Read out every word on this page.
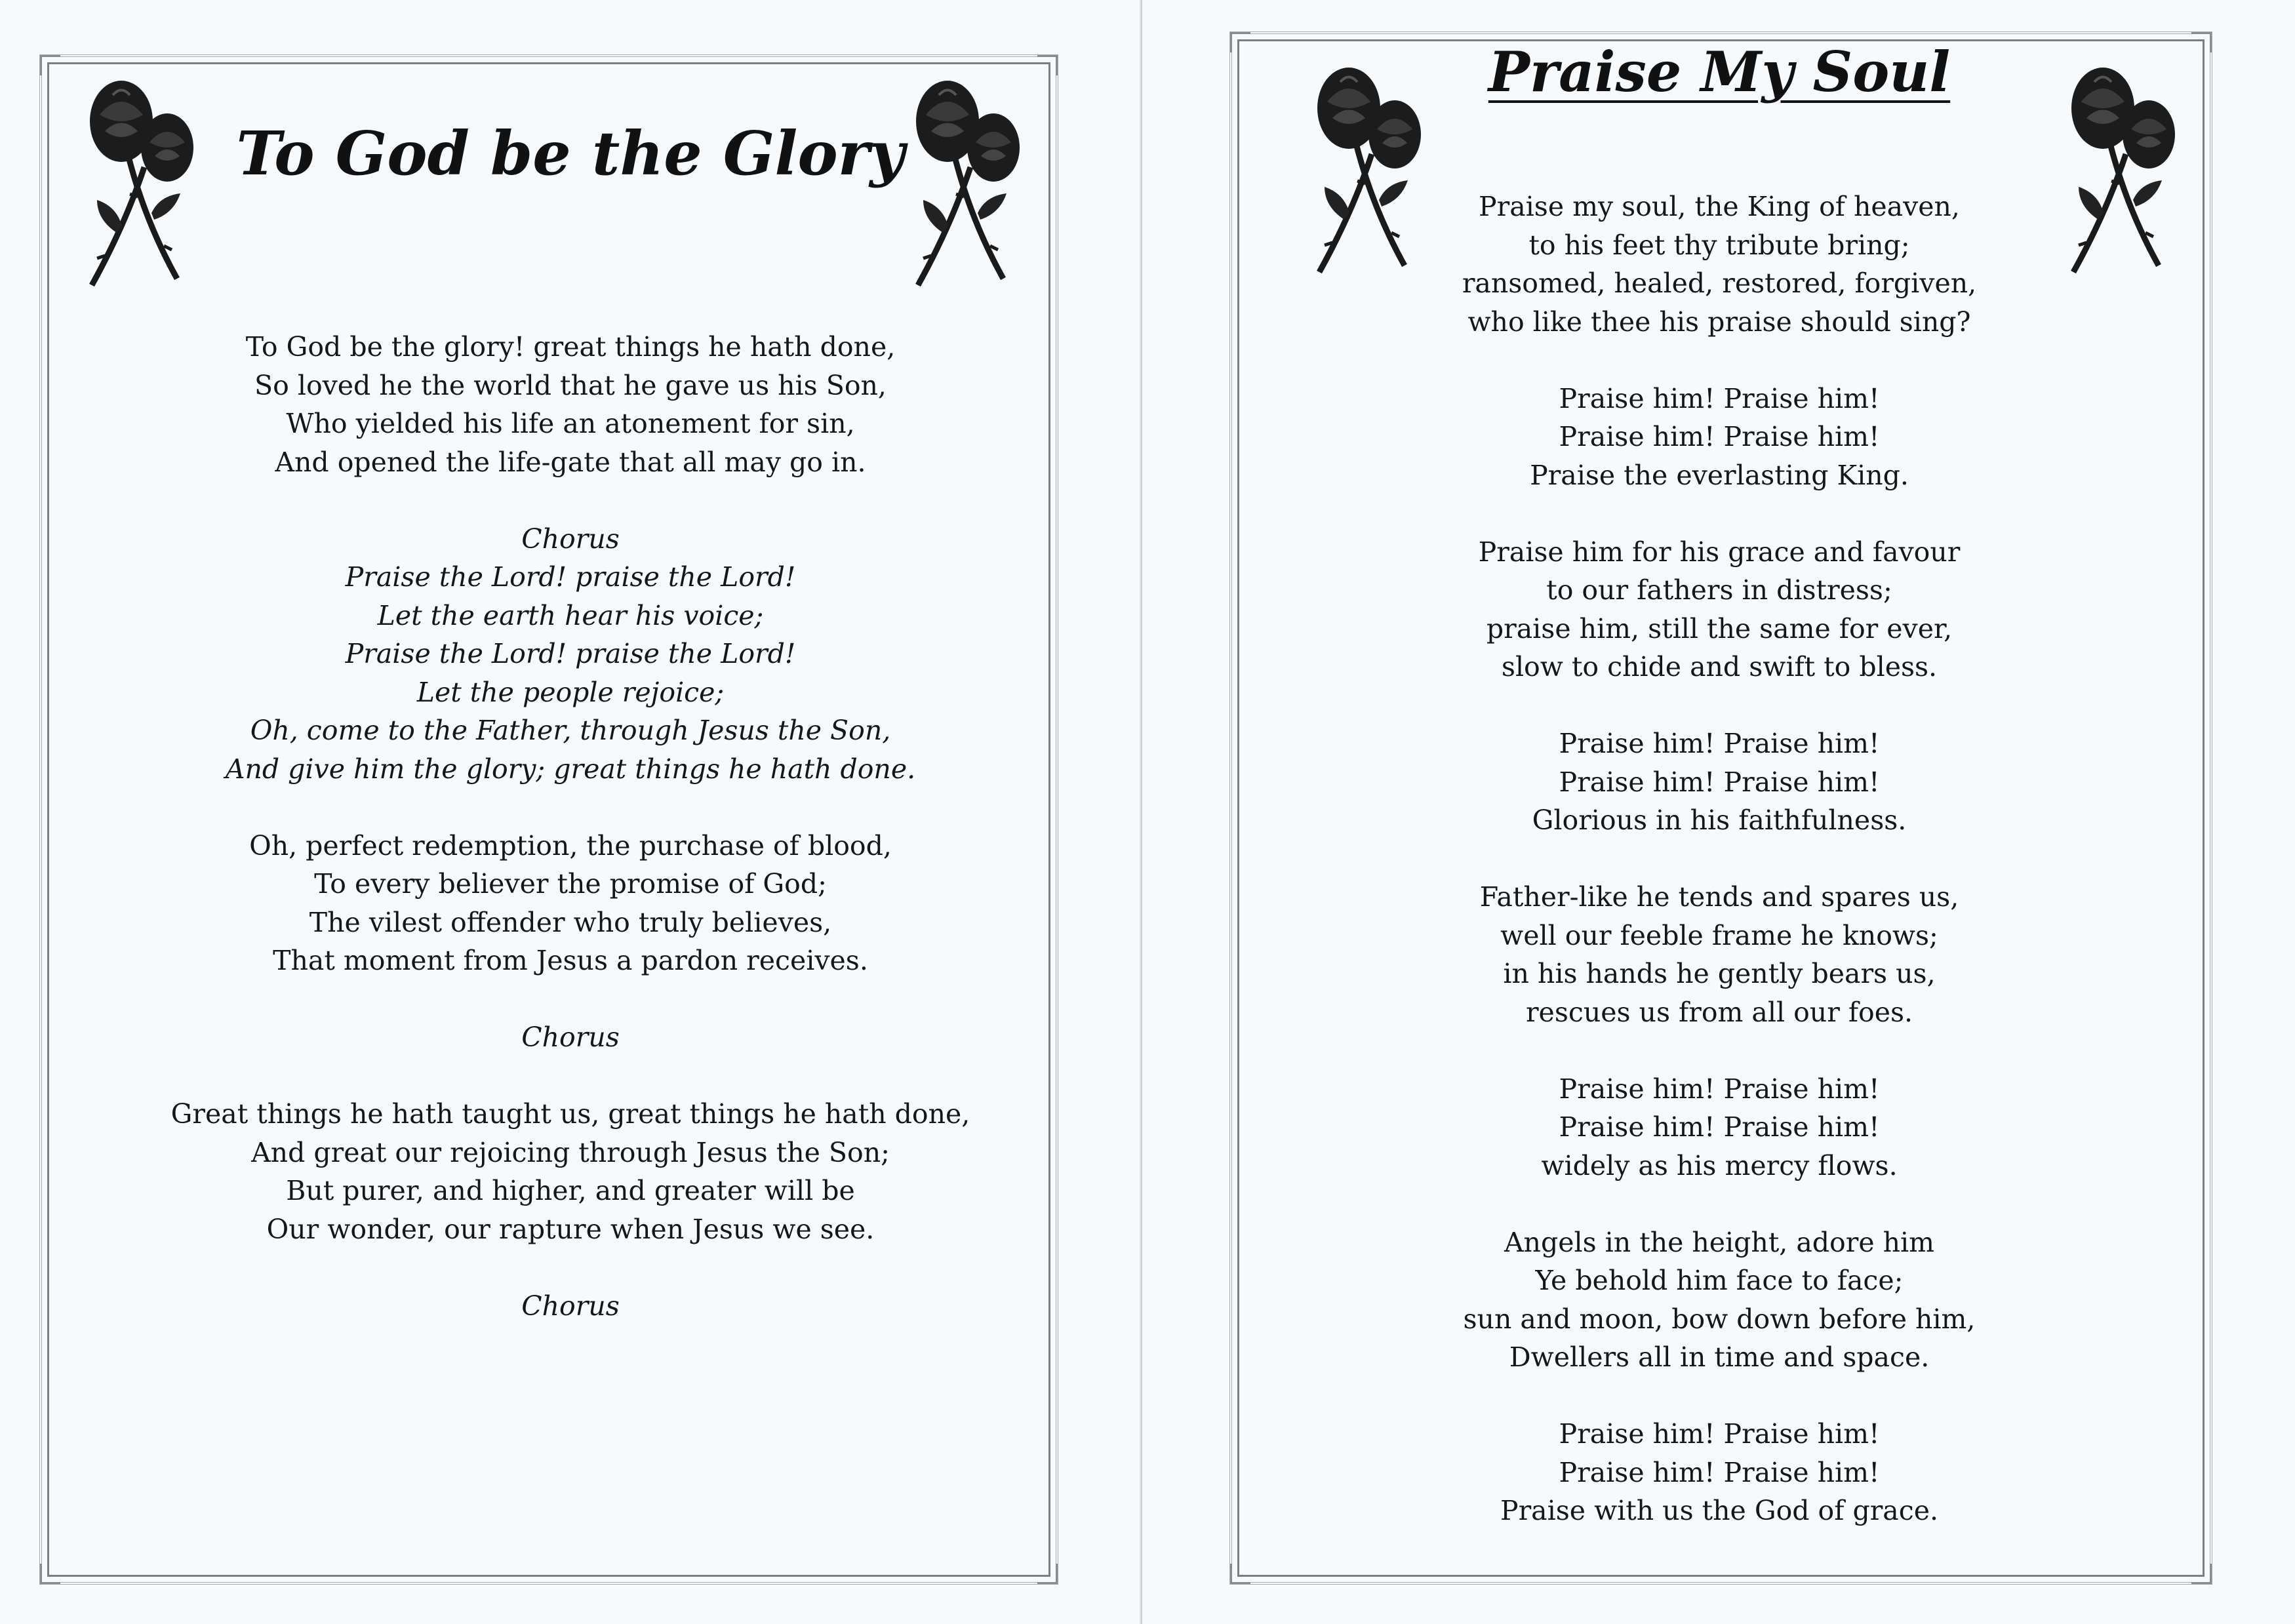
To God be the Glory
To God be the glory! great things he hath done,
So loved he the world that he gave us his Son,
Who yielded his life an atonement for sin,
And opened the life-gate that all may go in.
Chorus
Praise the Lord! praise the Lord!
Let the earth hear his voice;
Praise the Lord! praise the Lord!
Let the people rejoice;
Oh, come to the Father, through Jesus the Son,
And give him the glory; great things he hath done.
Oh, perfect redemption, the purchase of blood,
To every believer the promise of God;
The vilest offender who truly believes,
That moment from Jesus a pardon receives.
Chorus
Great things he hath taught us, great things he hath done,
And great our rejoicing through Jesus the Son;
But purer, and higher, and greater will be
Our wonder, our rapture when Jesus we see.
Chorus
Praise My Soul
Praise my soul, the King of heaven,
to his feet thy tribute bring;
ransomed, healed, restored, forgiven,
who like thee his praise should sing?
Praise him! Praise him!
Praise him! Praise him!
Praise the everlasting King.
Praise him for his grace and favour
to our fathers in distress;
praise him, still the same for ever,
slow to chide and swift to bless.
Praise him! Praise him!
Praise him! Praise him!
Glorious in his faithfulness.
Father-like he tends and spares us,
well our feeble frame he knows;
in his hands he gently bears us,
rescues us from all our foes.
Praise him! Praise him!
Praise him! Praise him!
widely as his mercy flows.
Angels in the height, adore him
Ye behold him face to face;
sun and moon, bow down before him,
Dwellers all in time and space.
Praise him! Praise him!
Praise him! Praise him!
Praise with us the God of grace.
